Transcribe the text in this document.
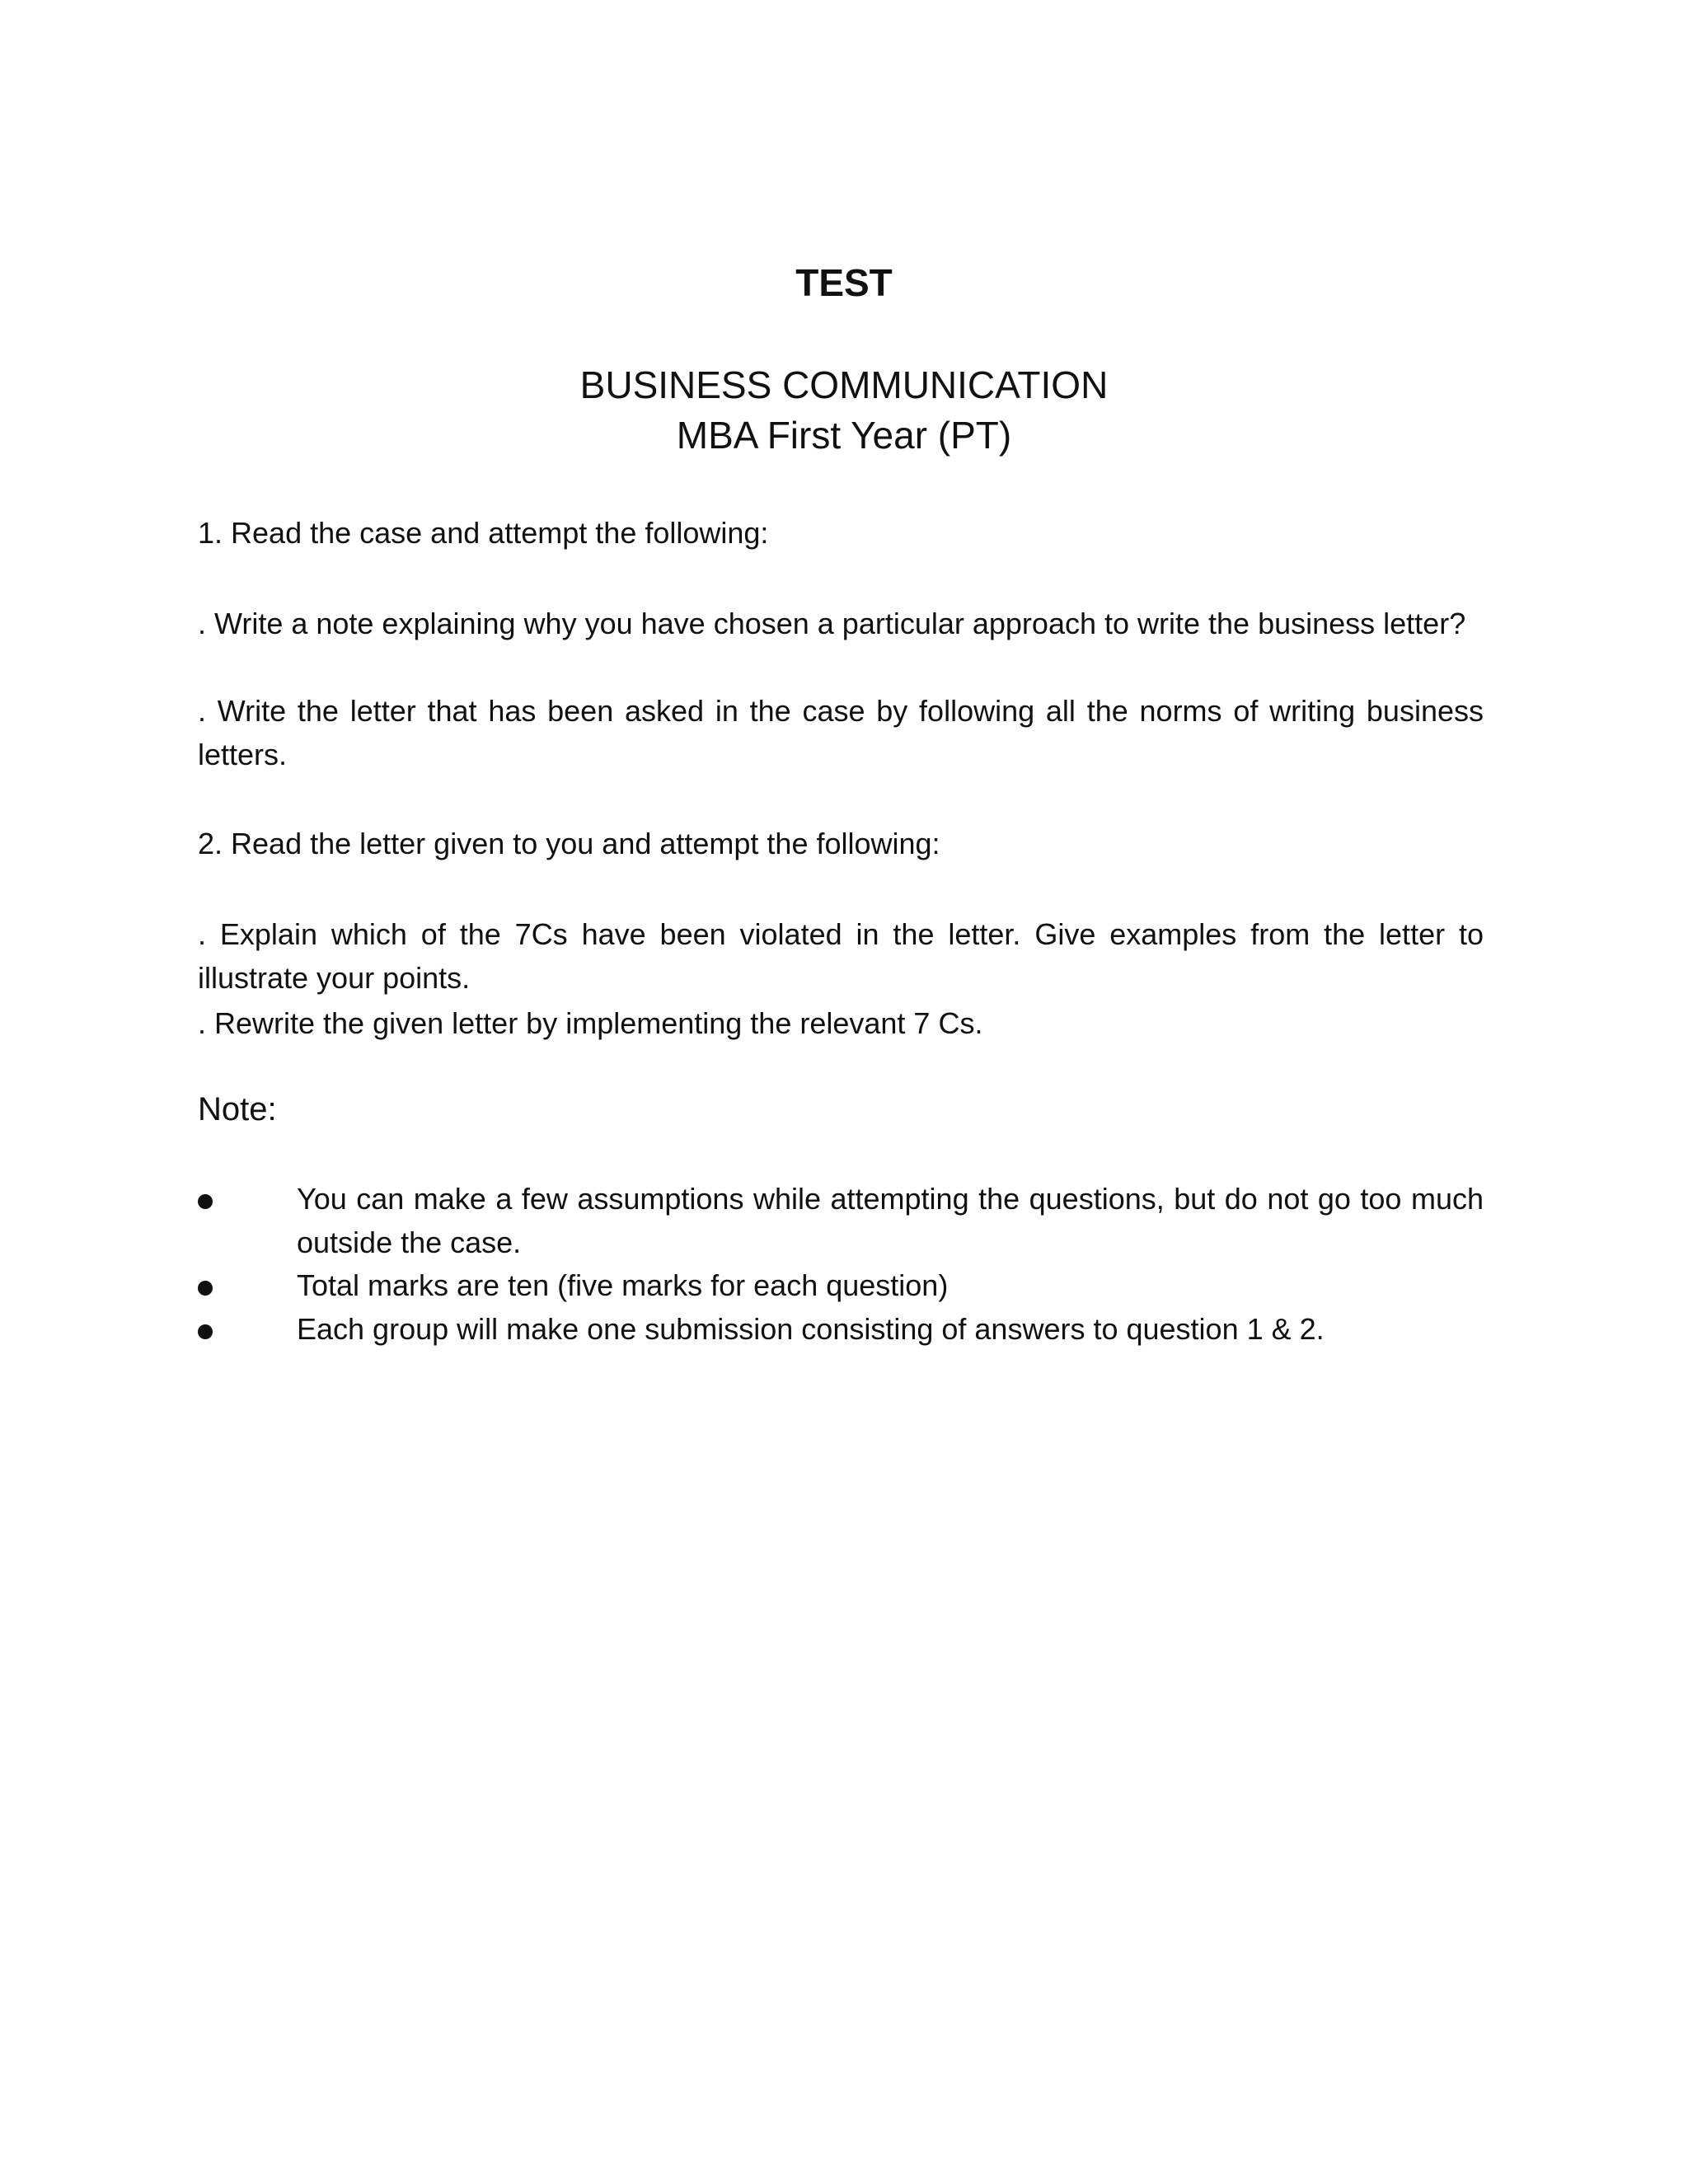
TEST
BUSINESS COMMUNICATION
MBA First Year (PT)
1. Read the case and attempt the following:
. Write a note explaining why you have chosen a particular approach to write the business letter?
. Write the letter that has been asked in the case by following all the norms of writing business letters.
2. Read the letter given to you and attempt the following:
. Explain which of the 7Cs have been violated in the letter. Give examples from the letter to illustrate your points.
. Rewrite the given letter by implementing the relevant 7 Cs.
Note:
You can make a few assumptions while attempting the questions, but do not go too much outside the case.
Total marks are ten (five marks for each question)
Each group will make one submission consisting of answers to question 1 & 2.
